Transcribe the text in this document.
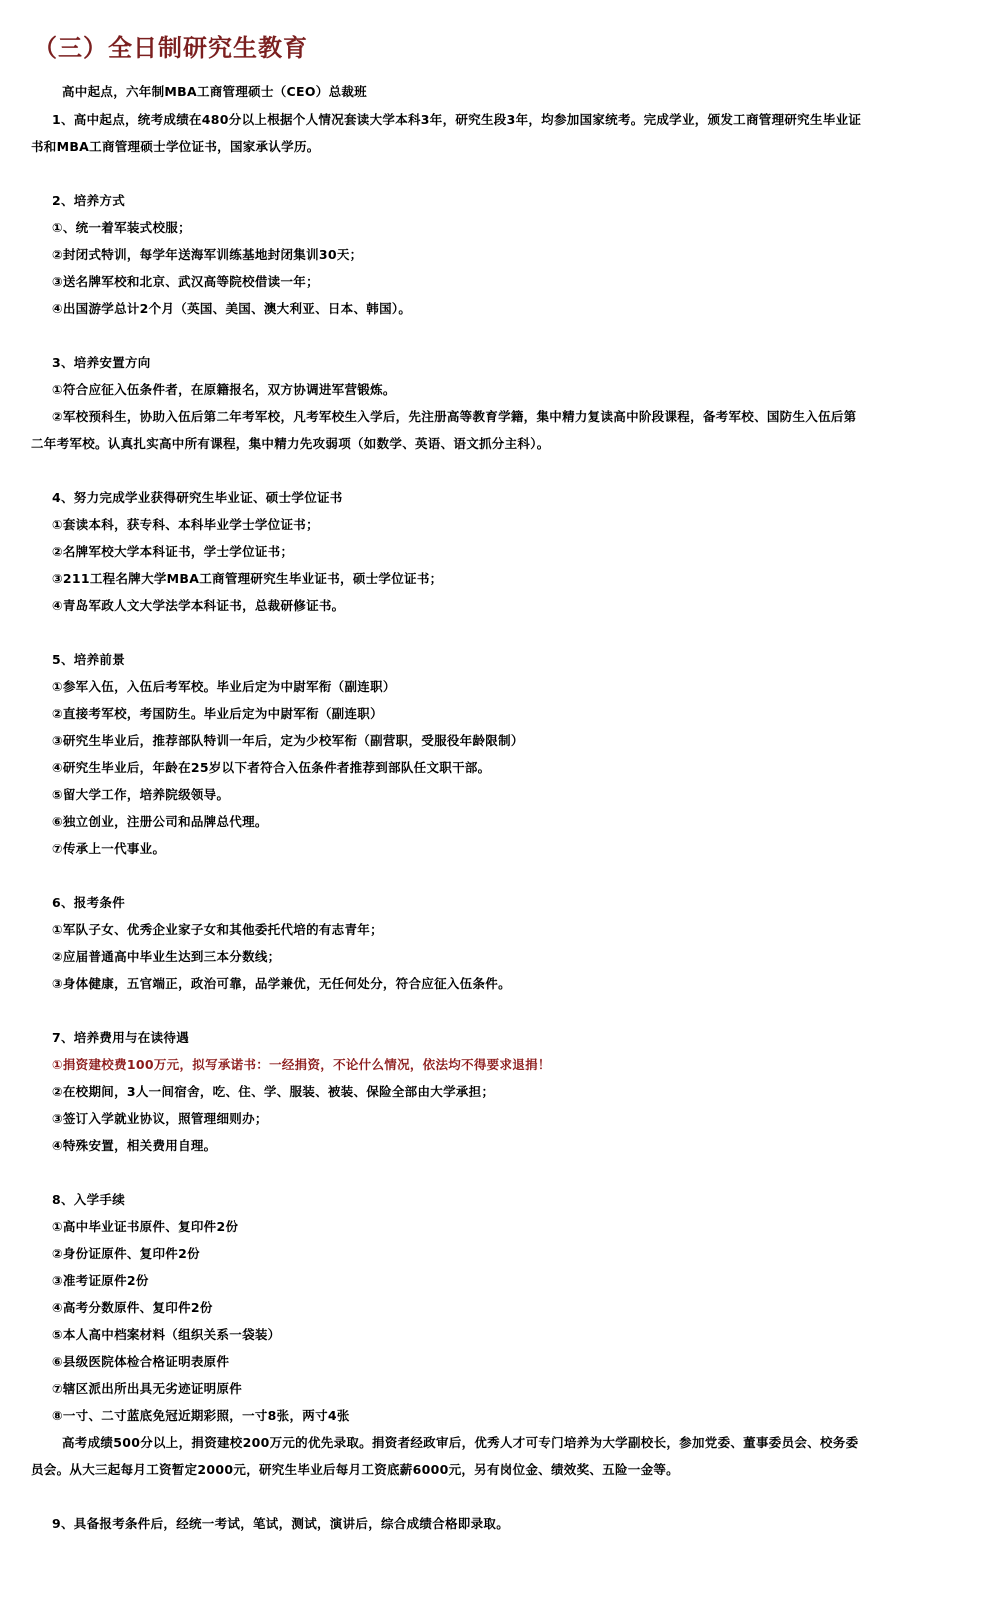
（三）全日制研究生教育
高中起点，六年制MBA工商管理硕士（CEO）总裁班
1、高中起点，统考成绩在480分以上根据个人情况套读大学本科3年，研究生段3年，均参加国家统考。完成学业，颁发工商管理研究生毕业证
书和MBA工商管理硕士学位证书，国家承认学历。
2、培养方式
①、统一着军装式校服；
②封闭式特训，每学年送海军训练基地封闭集训30天；
③送名牌军校和北京、武汉高等院校借读一年；
④出国游学总计2个月（英国、美国、澳大利亚、日本、韩国）。
3、培养安置方向
①符合应征入伍条件者，在原籍报名，双方协调进军营锻炼。
②军校预科生，协助入伍后第二年考军校，凡考军校生入学后，先注册高等教育学籍，集中精力复读高中阶段课程，备考军校、国防生入伍后第
二年考军校。认真扎实高中所有课程，集中精力先攻弱项（如数学、英语、语文抓分主科）。
4、努力完成学业获得研究生毕业证、硕士学位证书
①套读本科，获专科、本科毕业学士学位证书；
②名牌军校大学本科证书，学士学位证书；
③211工程名牌大学MBA工商管理研究生毕业证书，硕士学位证书；
④青岛军政人文大学法学本科证书，总裁研修证书。
5、培养前景
①参军入伍，入伍后考军校。毕业后定为中尉军衔（副连职）
②直接考军校，考国防生。毕业后定为中尉军衔（副连职）
③研究生毕业后，推荐部队特训一年后，定为少校军衔（副营职，受服役年龄限制）
④研究生毕业后，年龄在25岁以下者符合入伍条件者推荐到部队任文职干部。
⑤留大学工作，培养院级领导。
⑥独立创业，注册公司和品牌总代理。
⑦传承上一代事业。
6、报考条件
①军队子女、优秀企业家子女和其他委托代培的有志青年；
②应届普通高中毕业生达到三本分数线；
③身体健康，五官端正，政治可靠，品学兼优，无任何处分，符合应征入伍条件。
7、培养费用与在读待遇
①捐资建校费100万元，拟写承诺书：一经捐资，不论什么情况，依法均不得要求退捐！
②在校期间，3人一间宿舍，吃、住、学、服装、被装、保险全部由大学承担；
③签订入学就业协议，照管理细则办；
④特殊安置，相关费用自理。
8、入学手续
①高中毕业证书原件、复印件2份
②身份证原件、复印件2份
③准考证原件2份
④高考分数原件、复印件2份
⑤本人高中档案材料（组织关系一袋装）
⑥县级医院体检合格证明表原件
⑦辖区派出所出具无劣迹证明原件
⑧一寸、二寸蓝底免冠近期彩照，一寸8张，两寸4张
高考成绩500分以上，捐资建校200万元的优先录取。捐资者经政审后，优秀人才可专门培养为大学副校长，参加党委、董事委员会、校务委
员会。从大三起每月工资暂定2000元，研究生毕业后每月工资底薪6000元，另有岗位金、绩效奖、五险一金等。
9、具备报考条件后，经统一考试，笔试，测试，演讲后，综合成绩合格即录取。
